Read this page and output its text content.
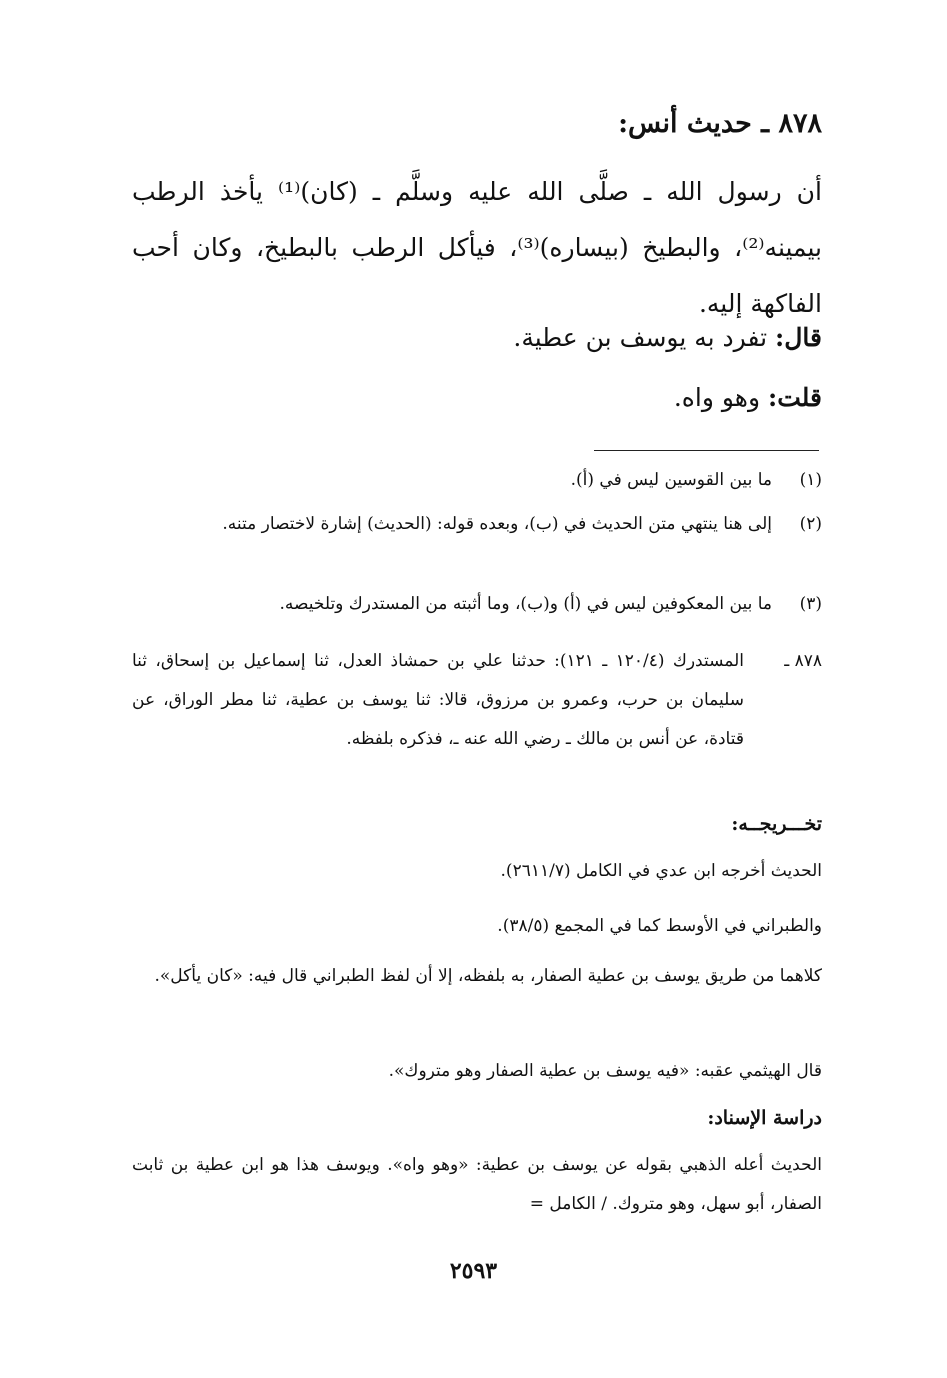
٨٧٨ ـ حديث أنس:

أن رسول الله ـ صلَّى الله عليه وسلَّم ـ (كان)⁽¹⁾ يأخذ الرطب بيمينه⁽²⁾، والبطيخ (بيساره)⁽³⁾، فيأكل الرطب بالبطيخ، وكان أحب الفاكهة إليه.

قال: تفرد به يوسف بن عطية.

قلت: وهو واه.

(١)
ما بين القوسين ليس في (أ).
(٢)
إلى هنا ينتهي متن الحديث في (ب)، وبعده قوله: (الحديث) إشارة لاختصار متنه.
(٣)
ما بين المعكوفين ليس في (أ) و(ب)، وما أثبته من المستدرك وتلخيصه.
٨٧٨ ـ
المستدرك (١٢٠/٤ ـ ١٢١): حدثنا علي بن حمشاذ العدل، ثنا إسماعيل بن إسحاق، ثنا سليمان بن حرب، وعمرو بن مرزوق، قالا: ثنا يوسف بن عطية، ثنا مطر الوراق، عن قتادة، عن أنس بن مالك ـ رضي الله عنه ـ، فذكره بلفظه.

تخـــريجــه:

الحديث أخرجه ابن عدي في الكامل (٢٦١١/٧).

والطبراني في الأوسط كما في المجمع (٣٨/٥).

كلاهما من طريق يوسف بن عطية الصفار، به بلفظه، إلا أن لفظ الطبراني قال فيه: «كان يأكل».

قال الهيثمي عقبه: «فيه يوسف بن عطية الصفار وهو متروك».

دراسة الإسناد:

الحديث أعله الذهبي بقوله عن يوسف بن عطية: «وهو واه». ويوسف هذا هو ابن عطية بن ثابت الصفار، أبو سهل، وهو متروك. / الكامل =

٢٥٩٣
